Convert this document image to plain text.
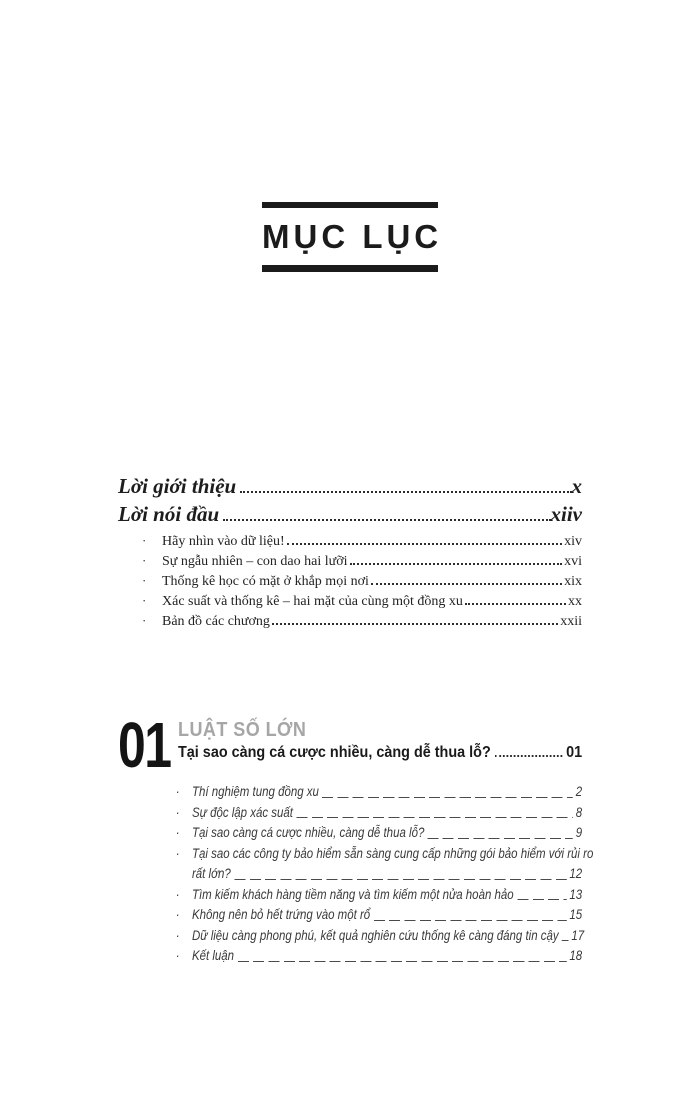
MỤC LỤC
Lời giới thiệu	x
Lời nói đầu	xiiv
·
Hãy nhìn vào dữ liệu!	xiv
·
Sự ngẫu nhiên – con dao hai lưỡi	xvi
·
Thống kê học có mặt ở khắp mọi nơi	xix
·
Xác suất và thống kê – hai mặt của cùng một đồng xu	xx
·
Bản đồ các chương	xxii
01 LUẬT SỐ LỚN
Tại sao càng cá cược nhiều, càng dễ thua lỗ?	01
·
Thí nghiệm tung đồng xu	2
·
Sự độc lập xác suất	8
·
Tại sao càng cá cược nhiều, càng dễ thua lỗ?	9
·
Tại sao các công ty bảo hiểm sẵn sàng cung cấp những gói bảo hiểm với rủi ro
rất lớn?	12
·
Tìm kiếm khách hàng tiềm năng và tìm kiếm một nửa hoàn hảo	13
·
Không nên bỏ hết trứng vào một rổ	15
·
Dữ liệu càng phong phú, kết quả nghiên cứu thống kê càng đáng tin cậy 17
·
Kết luận	18
